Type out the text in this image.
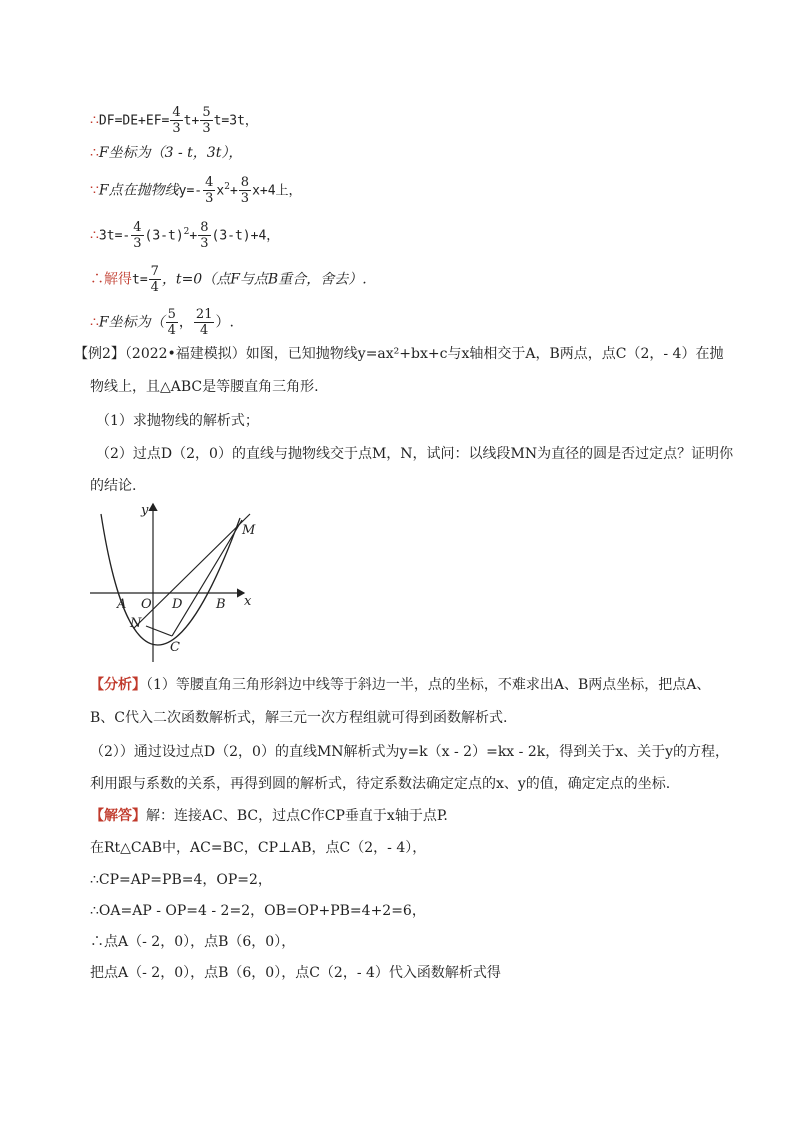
∴DF=DE+EF= $\frac{4}{3} t+ \frac{5}{3} t=3t$，
∴F坐标为（3 - t，3t），
∵F点在抛物线$y=- \frac{4}{3} x^2+ \frac{8}{3} x+4$上，
∴3t=- $\frac{4}{3} (3-t)^2+ \frac{8}{3} (3-t)+4$，
∴解得$t= \frac{7}{4}$ ，t=0（点F与点B重合，舍去）.
∴F坐标为（ $\frac{5}{4}$ ， $\frac{21}{4}$ ）.
【例2】（2022•福建模拟）如图，已知抛物线y=ax²+bx+c与x轴相交于A，B两点，点C（2，- 4）在抛
物线上，且△ABC是等腰直角三角形.
（1）求抛物线的解析式；
（2）过点D（2，0）的直线与抛物线交于点M，N，试问：以线段MN为直径的圆是否过定点？证明你
的结论.
y
x
M
A O D	B
N
C
【分析】（1）等腰直角三角形斜边中线等于斜边一半，点的坐标，不难求出A、B两点坐标，把点A、
B、C代入二次函数解析式，解三元一次方程组就可得到函数解析式.
（2））通过设过点D（2，0）的直线MN解析式为y=k（x - 2）=kx - 2k，得到关于x、关于y的方程，
利用跟与系数的关系，再得到圆的解析式，待定系数法确定定点的x、y的值，确定定点的坐标.
【解答】解：连接AC、BC，过点C作CP垂直于x轴于点P.
在Rt△CAB中，AC=BC，CP⊥AB，点C（2，- 4），
∴CP=AP=PB=4，OP=2，
∴OA=AP - OP=4 - 2=2，OB=OP+PB=4+2=6，
∴点A（- 2，0），点B（6，0），
把点A（- 2，0），点B（6，0），点C（2，- 4）代入函数解析式得
